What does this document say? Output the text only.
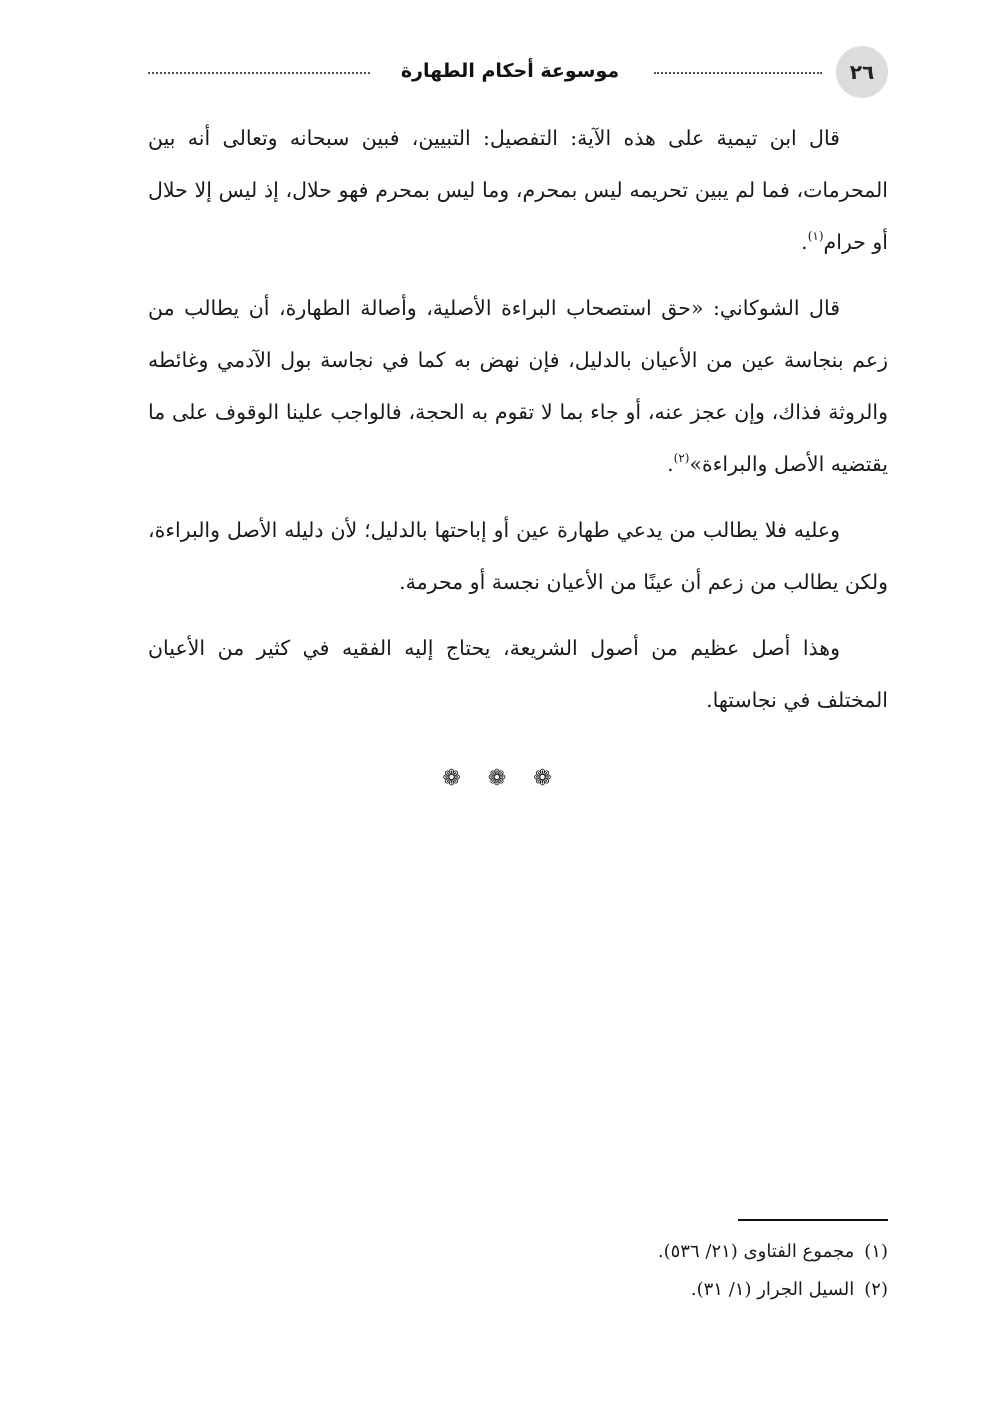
٢٦
موسوعة أحكام الطهارة

قال ابن تيمية على هذه الآية: التفصيل: التبيين، فبين سبحانه وتعالى أنه بين المحرمات، فما لم يبين تحريمه ليس بمحرم، وما ليس بمحرم فهو حلال، إذ ليس إلا حلال أو حرام$^{(١)}$.

قال الشوكاني: «حق استصحاب البراءة الأصلية، وأصالة الطهارة، أن يطالب من زعم بنجاسة عين من الأعيان بالدليل، فإن نهض به كما في نجاسة بول الآدمي وغائطه والروثة فذاك، وإن عجز عنه، أو جاء بما لا تقوم به الحجة، فالواجب علينا الوقوف على ما يقتضيه الأصل والبراءة»$^{(٢)}$.

وعليه فلا يطالب من يدعي طهارة عين أو إباحتها بالدليل؛ لأن دليله الأصل والبراءة، ولكن يطالب من زعم أن عينًا من الأعيان نجسة أو محرمة.

وهذا أصل عظيم من أصول الشريعة، يحتاج إليه الفقيه في كثير من الأعيان المختلف في نجاستها.

❁ ❁ ❁

(١)مجموع الفتاوى (٢١/ ٥٣٦).

(٢)السيل الجرار (١/ ٣١).
